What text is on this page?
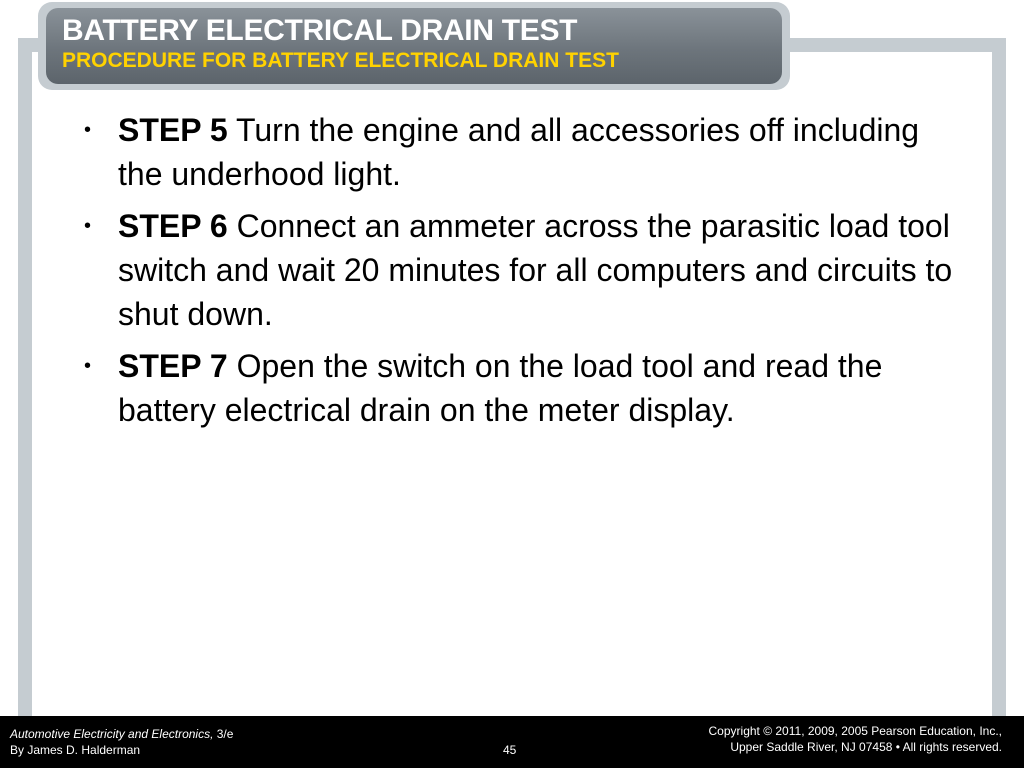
BATTERY ELECTRICAL DRAIN TEST
PROCEDURE FOR BATTERY ELECTRICAL DRAIN TEST
• STEP 5 Turn the engine and all accessories off including the underhood light.
• STEP 6 Connect an ammeter across the parasitic load tool switch and wait 20 minutes for all computers and circuits to shut down.
• STEP 7 Open the switch on the load tool and read the battery electrical drain on the meter display.
Automotive Electricity and Electronics, 3/e
By James D. Halderman	45
Copyright © 2011, 2009, 2005 Pearson Education, Inc.,
Upper Saddle River, NJ 07458 • All rights reserved.
